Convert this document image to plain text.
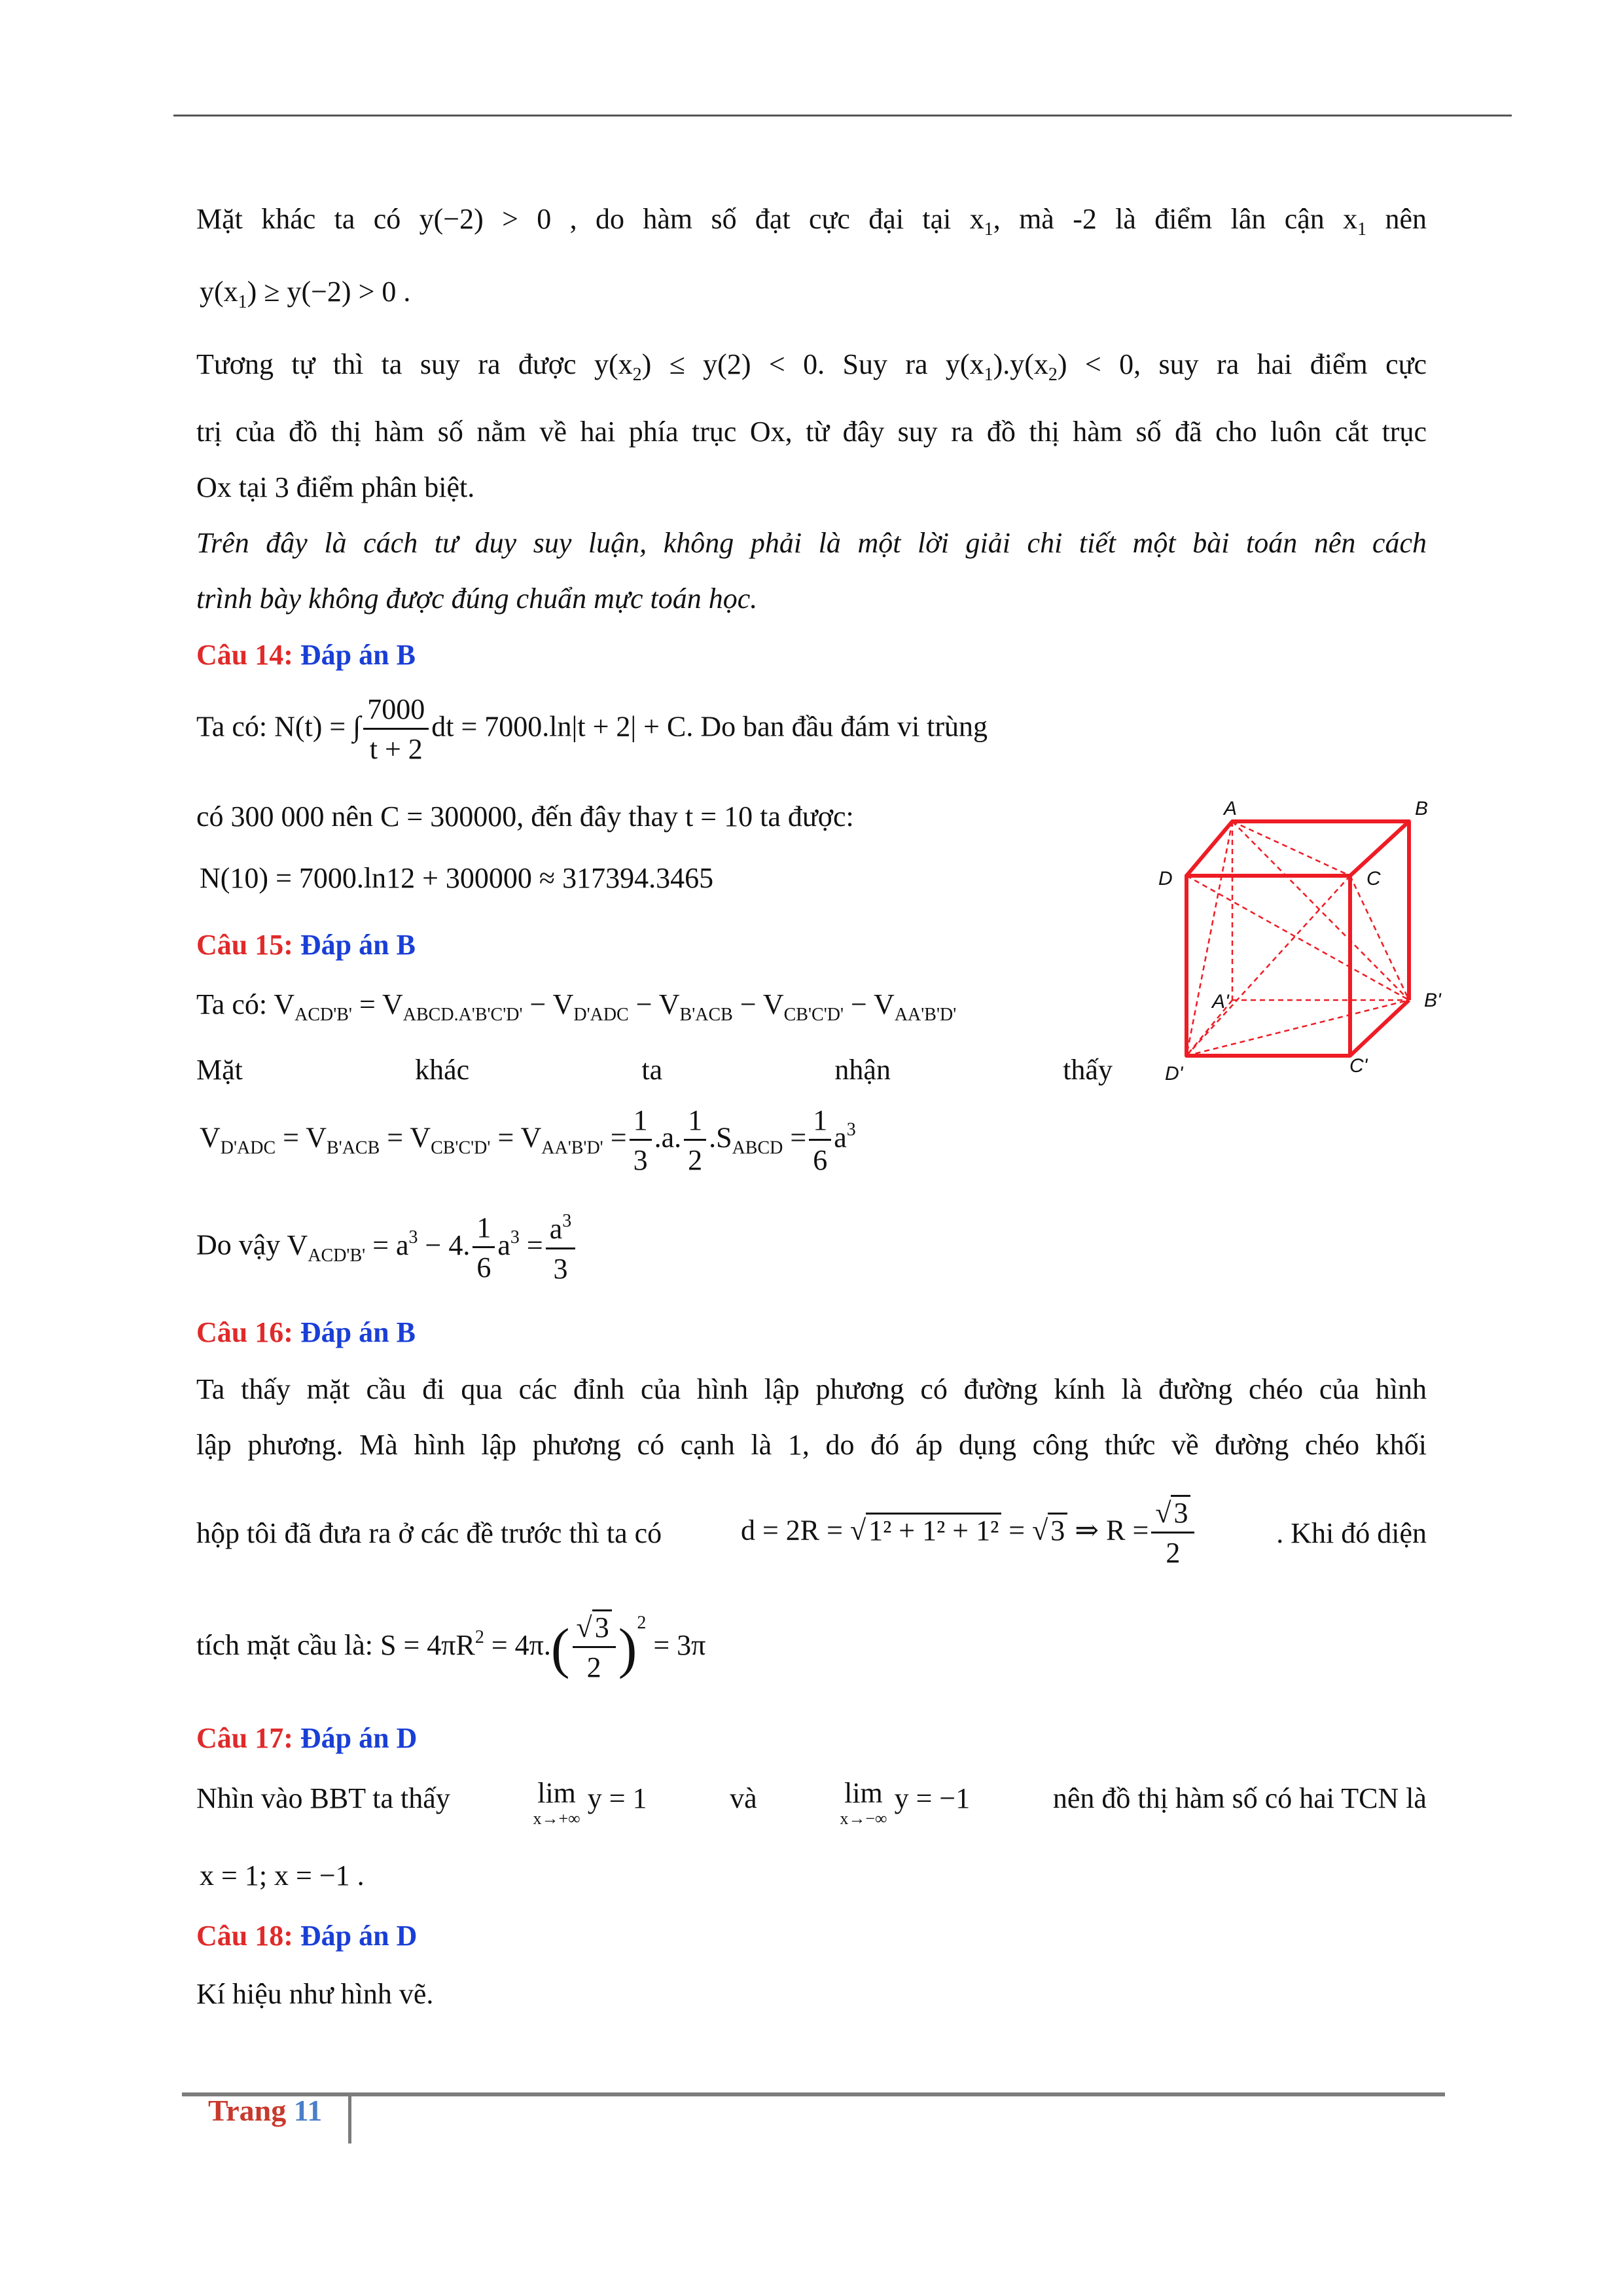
Mặt khác ta có y(−2) > 0 , do hàm số đạt cực đại tại $x_1$, mà -2 là điểm lân cận $x_1$ nên
$y(x_1) \ge y(-2) > 0$ .
Tương tự thì ta suy ra được $y(x_2) \le y(2) < 0$. Suy ra $y(x_1).y(x_2) < 0$, suy ra hai điểm cực
trị của đồ thị hàm số nằm về hai phía trục Ox, từ đây suy ra đồ thị hàm số đã cho luôn cắt trục
Ox tại 3 điểm phân biệt.
Trên đây là cách tư duy suy luận, không phải là một lời giải chi tiết một bài toán nên cách
trình bày không được đúng chuẩn mực toán học.
Câu 14: Đáp án B
Ta có: N(t) = ∫ $\frac{7000}{t + 2}$ dt = 7000.ln|t + 2| + C. Do ban đầu đám vi trùng
có 300 000 nên C = 300000, đến đây thay t = 10 ta được:
N(10) = 7000.ln12 + 300000 ≈ 317394.3465
Câu 15: Đáp án B
Ta có: $V_{ACD'B'} = V_{ABCD.A'B'C'D'} - V_{D'ADC} - V_{B'ACB} - V_{CB'C'D'} - V_{AA'B'D'}$
Mặt	khác	ta	nhận	thấy
$V_{D'ADC} = V_{B'ACB} = V_{CB'C'D'} = V_{AA'B'D'} = \frac{1}{3} .a$. $\frac{1}{2} .S_{ABCD} = \frac{1}{6} a^3$
Do vậy $V_{ACD'B'} = a^3 - 4$. $\frac{1}{6} a^3 = \frac{a^3}{3}$
A	B
C
D
A'	B'
C'
D'
Câu 16: Đáp án B
Ta thấy mặt cầu đi qua các đỉnh của hình lập phương có đường kính là đường chéo của hình
lập phương. Mà hình lập phương có cạnh là 1, do đó áp dụng công thức về đường chéo khối
hộp tôi đã đưa ra ở các đề trước thì ta có	d = 2R = √1² + 1² + 1² = √3 ⇒ $R = \frac{√3}{2}$	. Khi đó diện
tích mặt cầu là: $S = 4\pi R^2 = 4\pi.( \frac{√3}{2} )^2 = 3\pi$
Câu 17: Đáp án D
Nhìn vào BBT ta thấy	lim
x→+∞
y = 1	và	lim
x→−∞
y = −1	nên đồ thị hàm số có hai TCN là
x = 1; x = −1 .
Câu 18: Đáp án D
Kí hiệu như hình vẽ.
Trang 11
